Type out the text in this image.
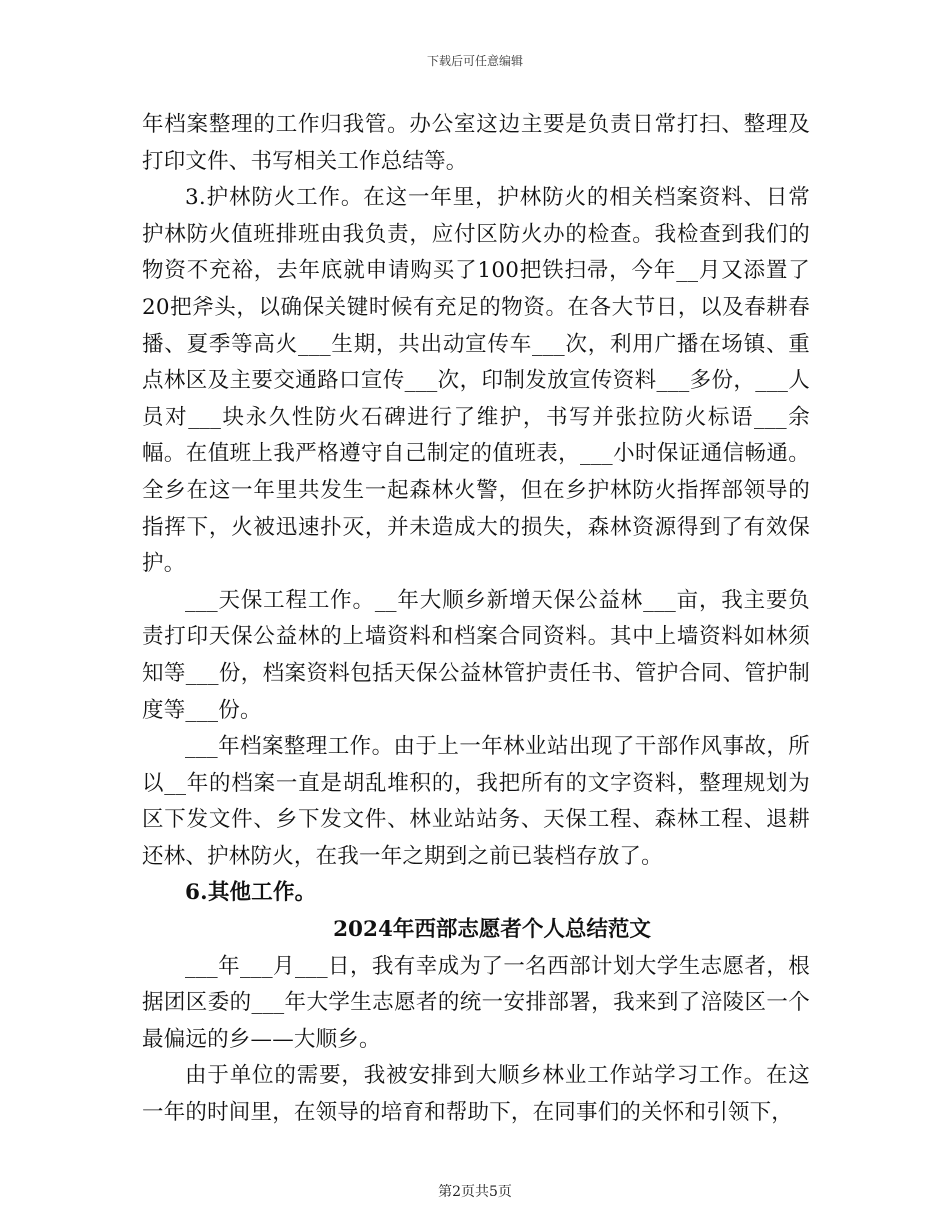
下载后可任意编辑

年档案整理的工作归我管。办公室这边主要是负责日常打扫、整理及打印文件、书写相关工作总结等。

3.护林防火工作。在这一年里，护林防火的相关档案资料、日常护林防火值班排班由我负责，应付区防火办的检查。我检查到我们的物资不充裕，去年底就申请购买了100把铁扫帚，今年__月又添置了20把斧头，以确保关键时候有充足的物资。在各大节日，以及春耕春播、夏季等高火___生期，共出动宣传车___次，利用广播在场镇、重点林区及主要交通路口宣传___次，印制发放宣传资料___多份，___人员对___块永久性防火石碑进行了维护，书写并张拉防火标语___余幅。在值班上我严格遵守自己制定的值班表，___小时保证通信畅通。全乡在这一年里共发生一起森林火警，但在乡护林防火指挥部领导的指挥下，火被迅速扑灭，并未造成大的损失，森林资源得到了有效保护。

___天保工程工作。__年大顺乡新增天保公益林___亩，我主要负责打印天保公益林的上墙资料和档案合同资料。其中上墙资料如林须知等___份，档案资料包括天保公益林管护责任书、管护合同、管护制度等___份。

___年档案整理工作。由于上一年林业站出现了干部作风事故，所以__年的档案一直是胡乱堆积的，我把所有的文字资料，整理规划为区下发文件、乡下发文件、林业站站务、天保工程、森林工程、退耕还林、护林防火，在我一年之期到之前已装档存放了。

6.其他工作。

2024年西部志愿者个人总结范文

___年___月___日，我有幸成为了一名西部计划大学生志愿者，根据团区委的___年大学生志愿者的统一安排部署，我来到了涪陵区一个最偏远的乡——大顺乡。

由于单位的需要，我被安排到大顺乡林业工作站学习工作。在这一年的时间里，在领导的培育和帮助下，在同事们的关怀和引领下，

第2页共5页
